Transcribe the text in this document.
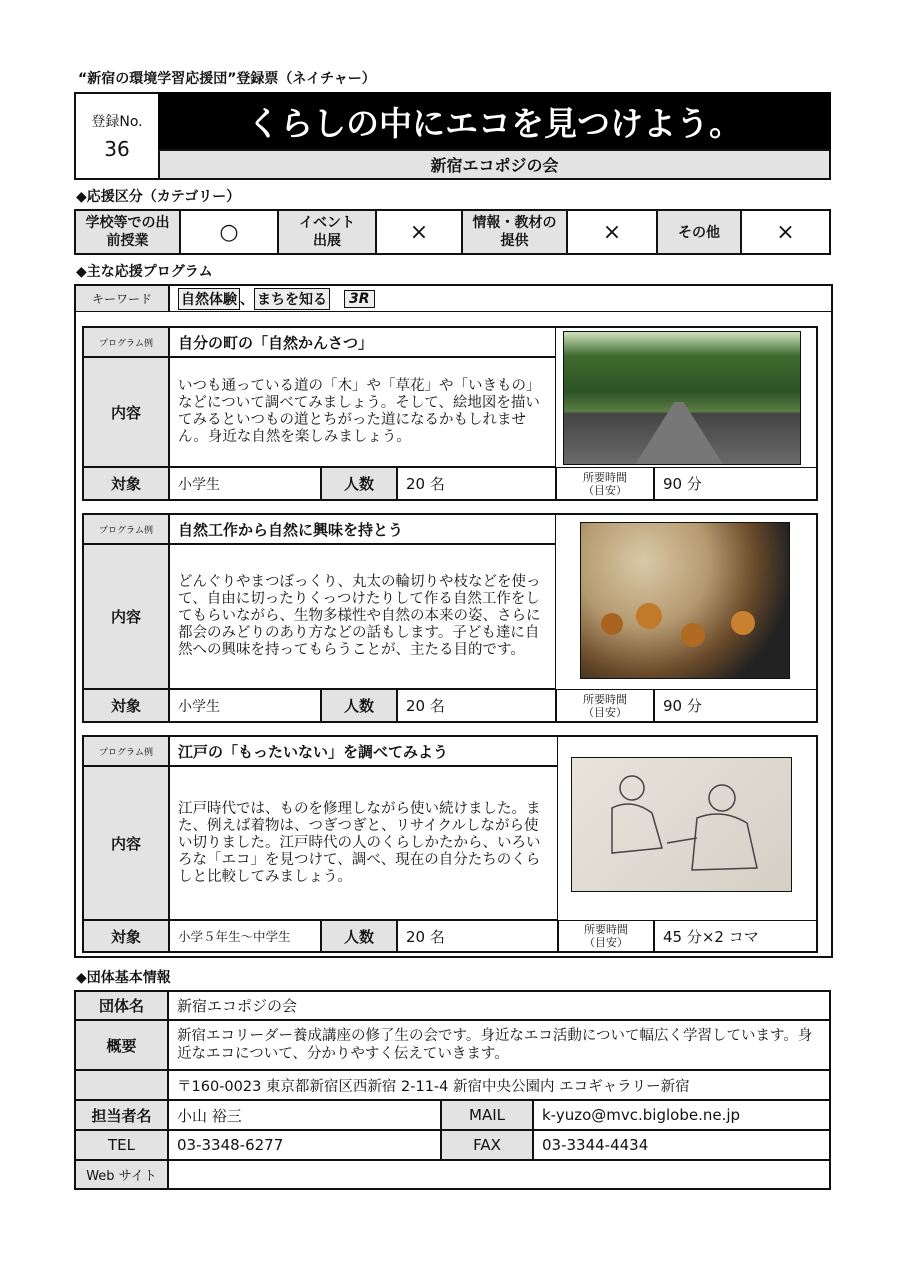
“新宿の環境学習応援団”登録票（ネイチャー）
登録No.
36
くらしの中にエコを見つけよう。
新宿エコポジの会
◆ 応援区分（カテゴリー）
学校等での出前授業	○	イベント出展	×	情報・教材の提供	×	その他	×
◆ 主な応援プログラム
キーワード	自然体験 、 まちを知る	3R
プログラム例	自分の町の「自然かんさつ」
内容
いつも通っている道の「木」や「草花」や「いきもの」などについて調べてみましょう。そして、絵地図を描いてみるといつもの道とちがった道になるかもしれません。身近な自然を楽しみましょう。
対象	小学生	人数	20 名	所要時間（目安）	90 分
プログラム例	自然工作から自然に興味を持とう
内容
どんぐりやまつぼっくり、丸太の輪切りや枝などを使って、自由に切ったりくっつけたりして作る自然工作をしてもらいながら、生物多様性や自然の本来の姿、さらに都会のみどりのあり方などの話もします。子ども達に自然への興味を持ってもらうことが、主たる目的です。
対象	小学生	人数	20 名	所要時間（目安）	90 分
プログラム例	江戸の「もったいない」を調べてみよう
内容
江戸時代では、ものを修理しながら使い続けました。また、例えば着物は、つぎつぎと、リサイクルしながら使い切りました。江戸時代の人のくらしかたから、いろいろな「エコ」を見つけて、調べ、現在の自分たちのくらしと比較してみましょう。
対象	小学５年生～中学生	人数	20 名	所要時間（目安）	45 分×2 コマ
◆ 団体基本情報
団体名	新宿エコポジの会
概要
新宿エコリーダー養成講座の修了生の会です。身近なエコ活動について幅広く学習しています。身近なエコについて、分かりやすく伝えていきます。
〒160-0023 東京都新宿区西新宿 2-11-4 新宿中央公園内 エコギャラリー新宿
担当者名	小山 裕三	MAIL	k-yuzo@mvc.biglobe.ne.jp
TEL	03-3348-6277	FAX	03-3344-4434
Web サイト
